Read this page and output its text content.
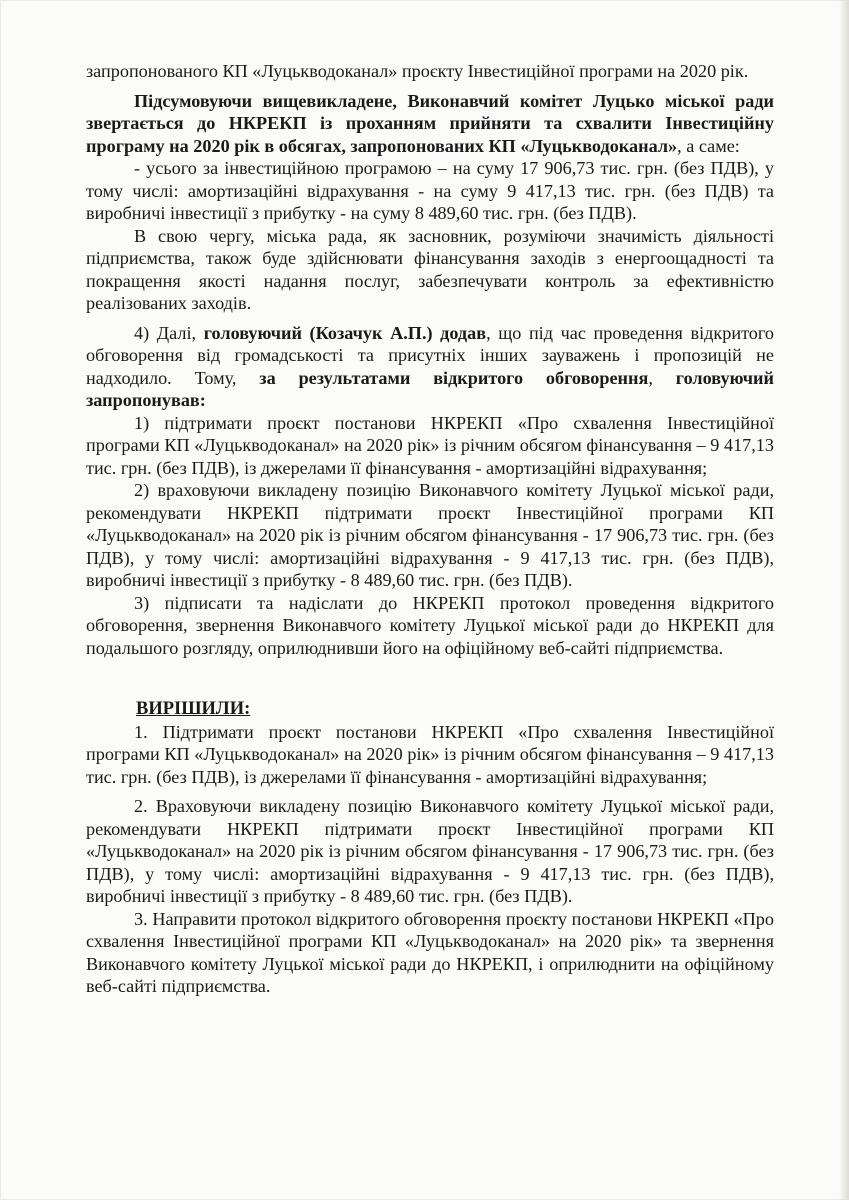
запропонованого КП «Луцькводоканал» проєкту Інвестиційної програми на 2020 рік.

Підсумовуючи вищевикладене, Виконавчий комітет Луцько міської ради звертається до НКРЕКП із проханням прийняти та схвалити Інвестиційну програму на 2020 рік в обсягах, запропонованих КП «Луцькводоканал», а саме:

- усього за інвестиційною програмою – на суму 17 906,73 тис. грн. (без ПДВ), у тому числі: амортизаційні відрахування - на суму 9 417,13 тис. грн. (без ПДВ) та виробничі інвестиції з прибутку - на суму 8 489,60 тис. грн. (без ПДВ).

В свою чергу, міська рада, як засновник, розуміючи значимість діяльності підприємства, також буде здійснювати фінансування заходів з енергоощадності та покращення якості надання послуг, забезпечувати контроль за ефективністю реалізованих заходів.

4) Далі, головуючий (Козачук А.П.) додав, що під час проведення відкритого обговорення від громадськості та присутніх інших зауважень і пропозицій не надходило. Тому, за результатами відкритого обговорення, головуючий запропонував:

1) підтримати проєкт постанови НКРЕКП «Про схвалення Інвестиційної програми КП «Луцькводоканал» на 2020 рік» із річним обсягом фінансування – 9 417,13 тис. грн. (без ПДВ), із джерелами її фінансування - амортизаційні відрахування;

2) враховуючи викладену позицію Виконавчого комітету Луцької міської ради, рекомендувати НКРЕКП підтримати проєкт Інвестиційної програми КП «Луцькводоканал» на 2020 рік із річним обсягом фінансування - 17 906,73 тис. грн. (без ПДВ), у тому числі: амортизаційні відрахування - 9 417,13 тис. грн. (без ПДВ), виробничі інвестиції з прибутку - 8 489,60 тис. грн. (без ПДВ).

3) підписати та надіслати до НКРЕКП протокол проведення відкритого обговорення, звернення Виконавчого комітету Луцької міської ради до НКРЕКП для подальшого розгляду, оприлюднивши його на офіційному веб-сайті підприємства.

ВИРІШИЛИ:

1. Підтримати проєкт постанови НКРЕКП «Про схвалення Інвестиційної програми КП «Луцькводоканал» на 2020 рік» із річним обсягом фінансування – 9 417,13 тис. грн. (без ПДВ), із джерелами її фінансування - амортизаційні відрахування;

2. Враховуючи викладену позицію Виконавчого комітету Луцької міської ради, рекомендувати НКРЕКП підтримати проєкт Інвестиційної програми КП «Луцькводоканал» на 2020 рік із річним обсягом фінансування - 17 906,73 тис. грн. (без ПДВ), у тому числі: амортизаційні відрахування - 9 417,13 тис. грн. (без ПДВ), виробничі інвестиції з прибутку - 8 489,60 тис. грн. (без ПДВ).

3. Направити протокол відкритого обговорення проєкту постанови НКРЕКП «Про схвалення Інвестиційної програми КП «Луцькводоканал» на 2020 рік» та звернення Виконавчого комітету Луцької міської ради до НКРЕКП, і оприлюднити на офіційному веб-сайті підприємства.
